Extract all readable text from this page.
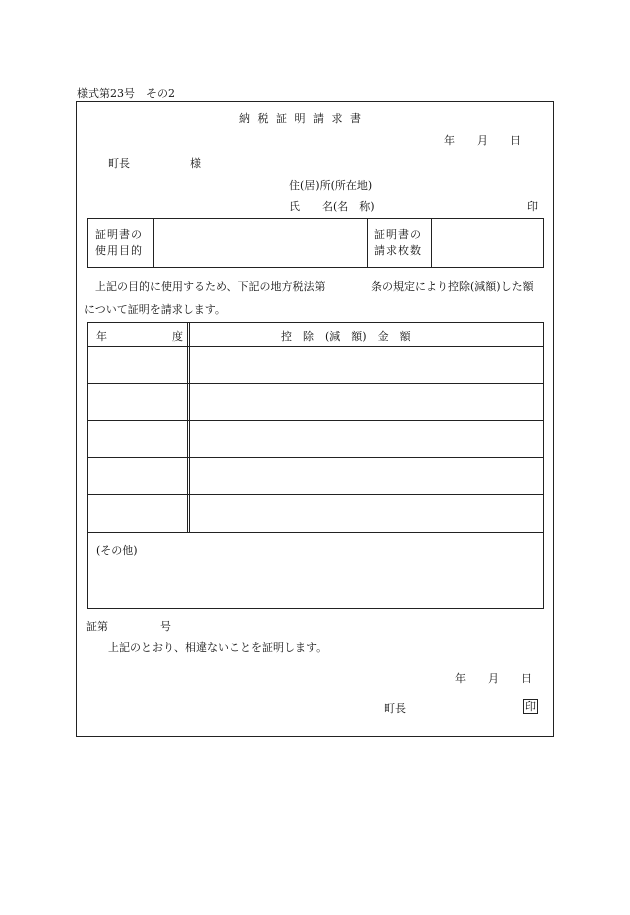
様式第23号　その2
納 税 証 明 請 求 書
年　　月　　日
町長	様
住(居)所(所在地)
氏　　名(名　称)	印
証明書の
使用目的
証明書の
請求枚数
上記の目的に使用するため、下記の地方税法第	条の規定により控除(減額)した額
について証明を請求します。
年	度	控　除　(減　額)　金　額
(その他)
証第	号
上記のとおり、相違ないことを証明します。
年　　月　　日
町長	印
